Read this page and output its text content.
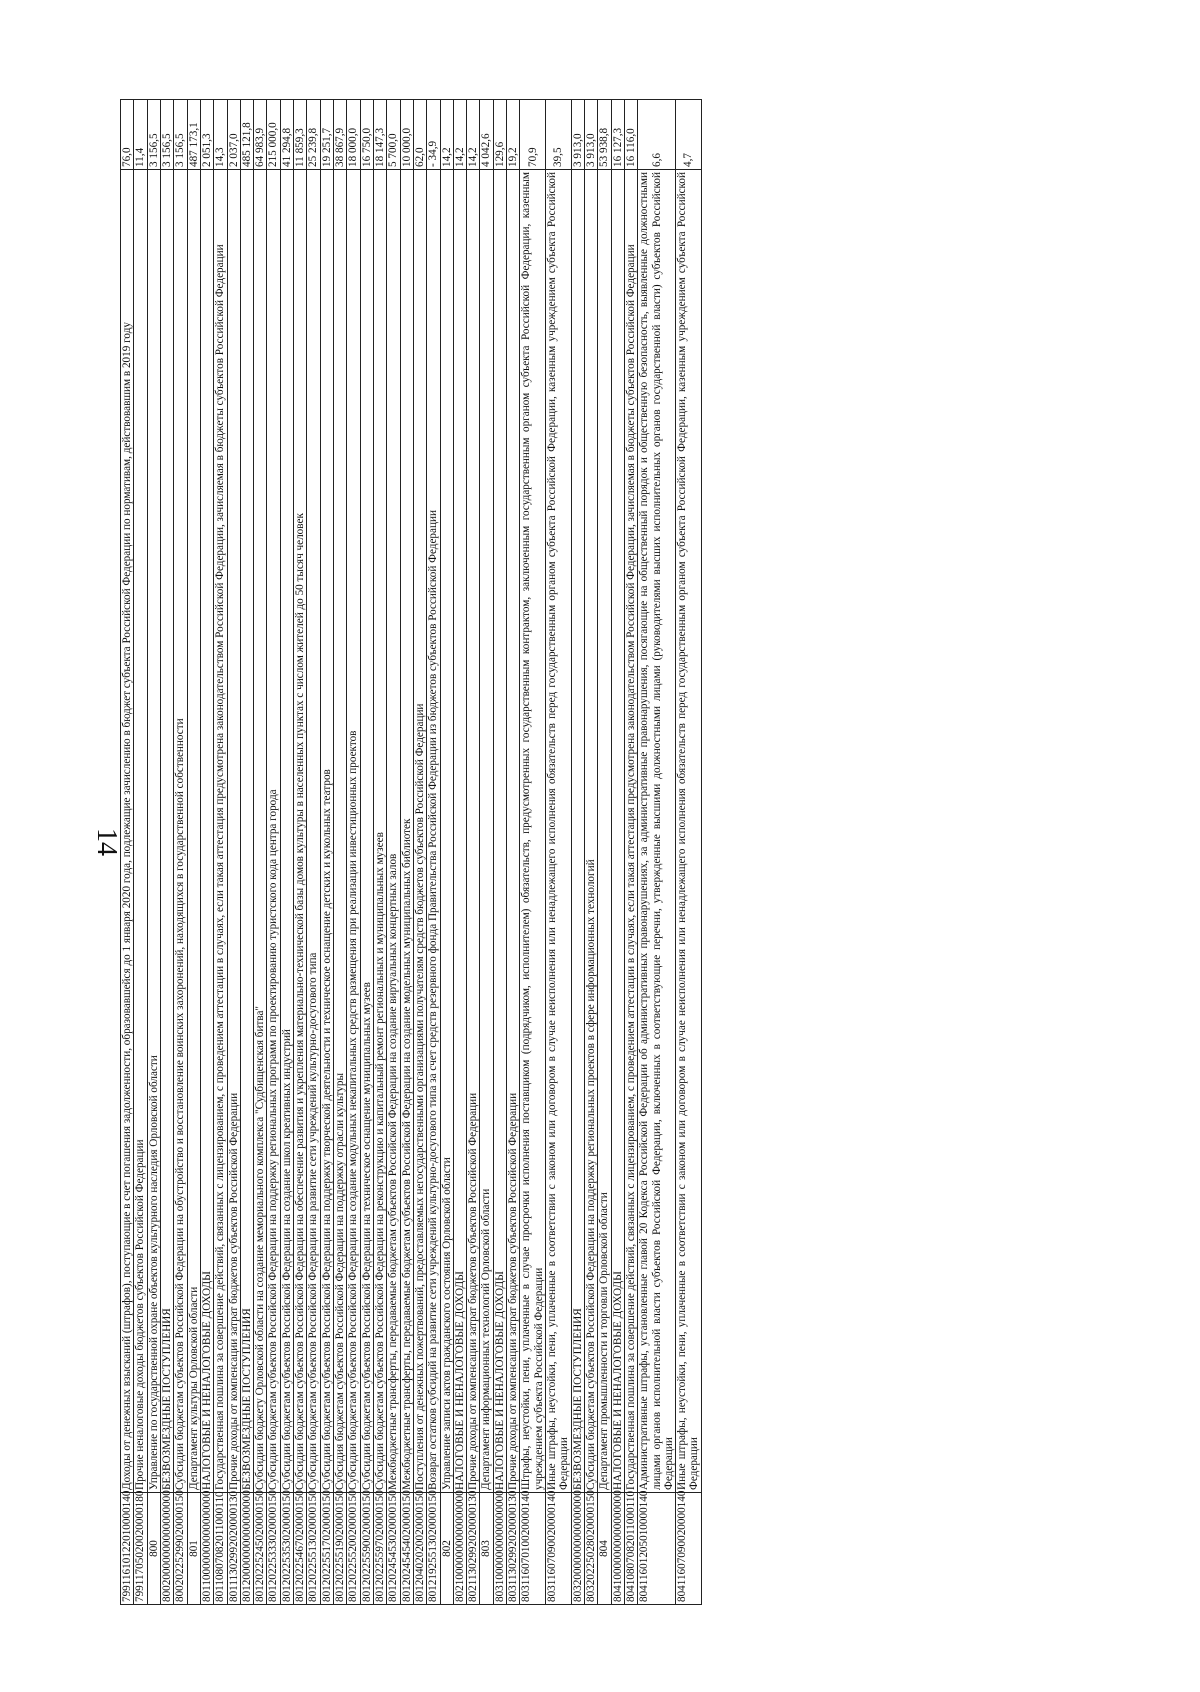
14
79911610122010000140	Доходы от денежных взысканий (штрафов), поступающие в счет погашения задолженности, образовавшейся до 1 января 2020 года, подлежащие зачислению в бюджет субъекта Российской Федерации по нормативам, действовавшим в 2019 году	76,0
79911705020020000180	Прочие неналоговые доходы бюджетов субъектов Российской Федерации	11,4
800	Управление по государственной охране объектов культурного наследия Орловской области	3 156,5
80020000000000000000	БЕЗВОЗМЕЗДНЫЕ ПОСТУПЛЕНИЯ	3 156,5
80020225299020000150	Субсидии бюджетам субъектов Российской Федерации на обустройство и восстановление воинских захоронений, находящихся в государственной собственности	3 156,5
801	Департамент культуры Орловской области	487 173,1
80110000000000000000	НАЛОГОВЫЕ И НЕНАЛОГОВЫЕ ДОХОДЫ	2 051,3
80110807082011000110	Государственная пошлина за совершение действий, связанных с лицензированием, с проведением аттестации в случаях, если такая аттестация предусмотрена законодательством Российской Федерации, зачисляемая в бюджеты субъектов Российской Федерации	14,3
80111302992020000130	Прочие доходы от компенсации затрат бюджетов субъектов Российской Федерации	2 037,0
80120000000000000000	БЕЗВОЗМЕЗДНЫЕ ПОСТУПЛЕНИЯ	485 121,8
80120225245020000150	Субсидии бюджету Орловской области на создание мемориального комплекса "Судбищенская битва"	64 983,9
80120225333020000150	Субсидии бюджетам субъектов Российской Федерации на поддержку региональных программ по проектированию туристского кода центра города	215 000,0
80120225353020000150	Субсидии бюджетам субъектов Российской Федерации на создание школ креативных индустрий	41 294,8
80120225467020000150	Субсидии бюджетам субъектов Российской Федерации на обеспечение развития и укрепления материально-технической базы домов культуры в населенных пунктах с числом жителей до 50 тысяч человек	11 859,3
80120225513020000150	Субсидии бюджетам субъектов Российской Федерации на развитие сети учреждений культурно-досугового типа	25 239,8
80120225517020000150	Субсидии бюджетам субъектов Российской Федерации на поддержку творческой деятельности и техническое оснащение детских и кукольных театров	19 251,7
80120225519020000150	Субсидия бюджетам субъектов Российской Федерации на поддержку отрасли культуры	38 867,9
80120225520020000150	Субсидии бюджетам субъектов Российской Федерации на создание модульных некапитальных средств размещения при реализации инвестиционных проектов	18 000,0
80120225590020000150	Субсидии бюджетам субъектов Российской Федерации на техническое оснащение муниципальных музеев	16 750,0
80120225597020000150	Субсидии бюджетам субъектов Российской Федерации на реконструкцию и капитальный ремонт региональных и муниципальных музеев	18 147,3
80120245453020000150	Межбюджетные трансферты, передаваемые бюджетам субъектов Российской Федерации на создание виртуальных концертных залов	5 700,0
80120245454020000150	Межбюджетные трансферты, передаваемые бюджетам субъектов Российской Федерации на создание модельных муниципальных библиотек	10 000,0
80120402020020000150	Поступления от денежных пожертвований, предоставляемых негосударственными организациями получателям средств бюджетов субъектов Российской Федерации	62,0
80121925513020000150	Возврат остатков субсидий на развитие сети учреждений культурно-досугового типа за счет средств резервного фонда Правительства Российской Федерации из бюджетов субъектов Российской Федерации	- 34,9
802	Управление записи актов гражданского состояния Орловской области	14,2
80210000000000000000	НАЛОГОВЫЕ И НЕНАЛОГОВЫЕ ДОХОДЫ	14,2
80211302992020000130	Прочие доходы от компенсации затрат бюджетов субъектов Российской Федерации	14,2
803	Департамент информационных технологий Орловской области	4 042,6
80310000000000000000	НАЛОГОВЫЕ И НЕНАЛОГОВЫЕ ДОХОДЫ	129,6
80311302992020000130	Прочие доходы от компенсации затрат бюджетов субъектов Российской Федерации	19,2
80311607010020000140	Штрафы, неустойки, пени, уплаченные в случае просрочки исполнения поставщиком (подрядчиком, исполнителем) обязательств, предусмотренных государственным контрактом, заключенным государственным органом субъекта Российской Федерации, казенным учреждением субъекта Российской Федерации	70,9
80311607090020000140	Иные штрафы, неустойки, пени, уплаченные в соответствии с законом или договором в случае неисполнения или ненадлежащего исполнения обязательств перед государственным органом субъекта Российской Федерации, казенным учреждением субъекта Российской Федерации	39,5
80320000000000000000	БЕЗВОЗМЕЗДНЫЕ ПОСТУПЛЕНИЯ	3 913,0
80320225028020000150	Субсидии бюджетам субъектов Российской Федерации на поддержку региональных проектов в сфере информационных технологий	3 913,0
804	Департамент промышленности и торговли Орловской области	53 938,8
80410000000000000000	НАЛОГОВЫЕ И НЕНАЛОГОВЫЕ ДОХОДЫ	16 127,3
80410807082011000110	Государственная пошлина за совершение действий, связанных с лицензированием, с проведением аттестации в случаях, если такая аттестация предусмотрена законодательством Российской Федерации, зачисляемая в бюджеты субъектов Российской Федерации	16 116,0
80411601205010000140	Административные штрафы, установленные главой 20 Кодекса Российской Федерации об административных правонарушениях, за административные правонарушения, посягающие на общественный порядок и общественную безопасность, выявленные должностными лицами органов исполнительной власти субъектов Российской Федерации, включенных в соответствующие перечни, утвержденные высшими должностными лицами (руководителями высших исполнительных органов государственной власти) субъектов Российской Федерации	6,6
80411607090020000140	Иные штрафы, неустойки, пени, уплаченные в соответствии с законом или договором в случае неисполнения или ненадлежащего исполнения обязательств перед государственным органом субъекта Российской Федерации, казенным учреждением субъекта Российской Федерации	4,7
